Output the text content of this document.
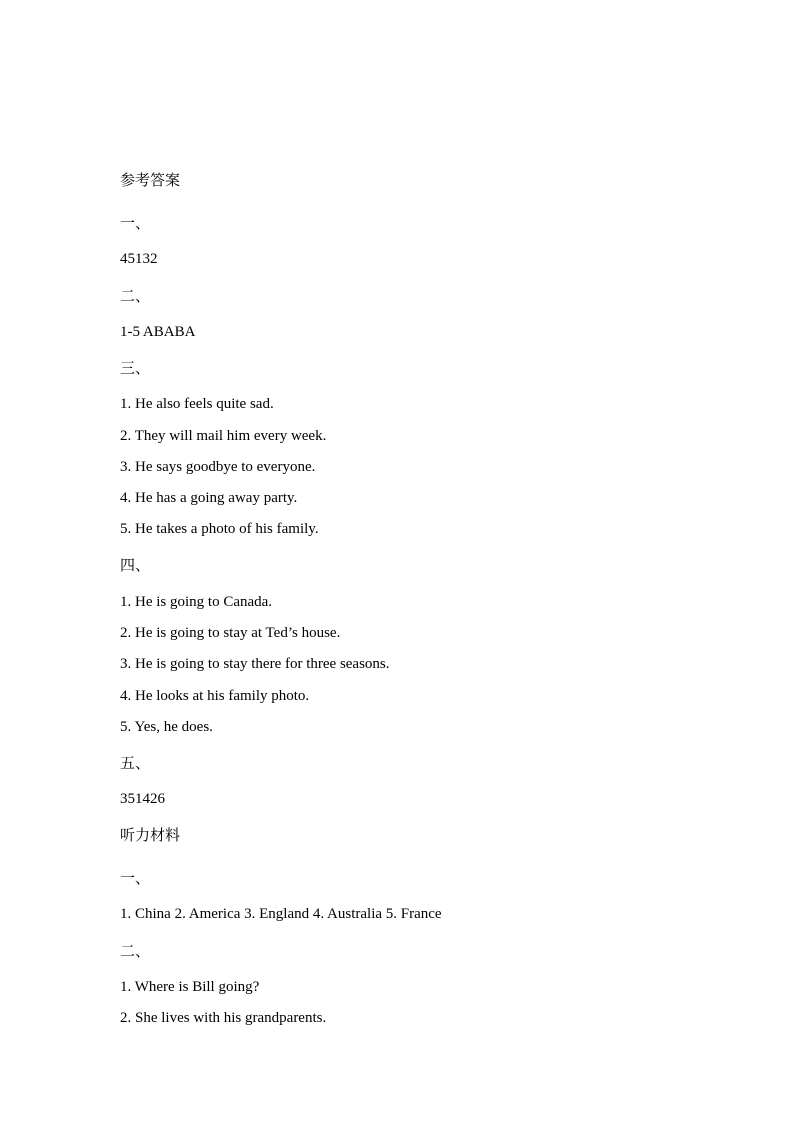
参考答案
一、
45132
二、
1-5 ABABA
三、
1. He also feels quite sad.
2. They will mail him every week.
3. He says goodbye to everyone.
4. He has a going away party.
5. He takes a photo of his family.
四、
1. He is going to Canada.
2. He is going to stay at Ted’s house.
3. He is going to stay there for three seasons.
4. He looks at his family photo.
5. Yes, he does.
五、
351426
听力材料
一、
1. China 2. America 3. England 4. Australia 5. France
二、
1. Where is Bill going?
2. She lives with his grandparents.
